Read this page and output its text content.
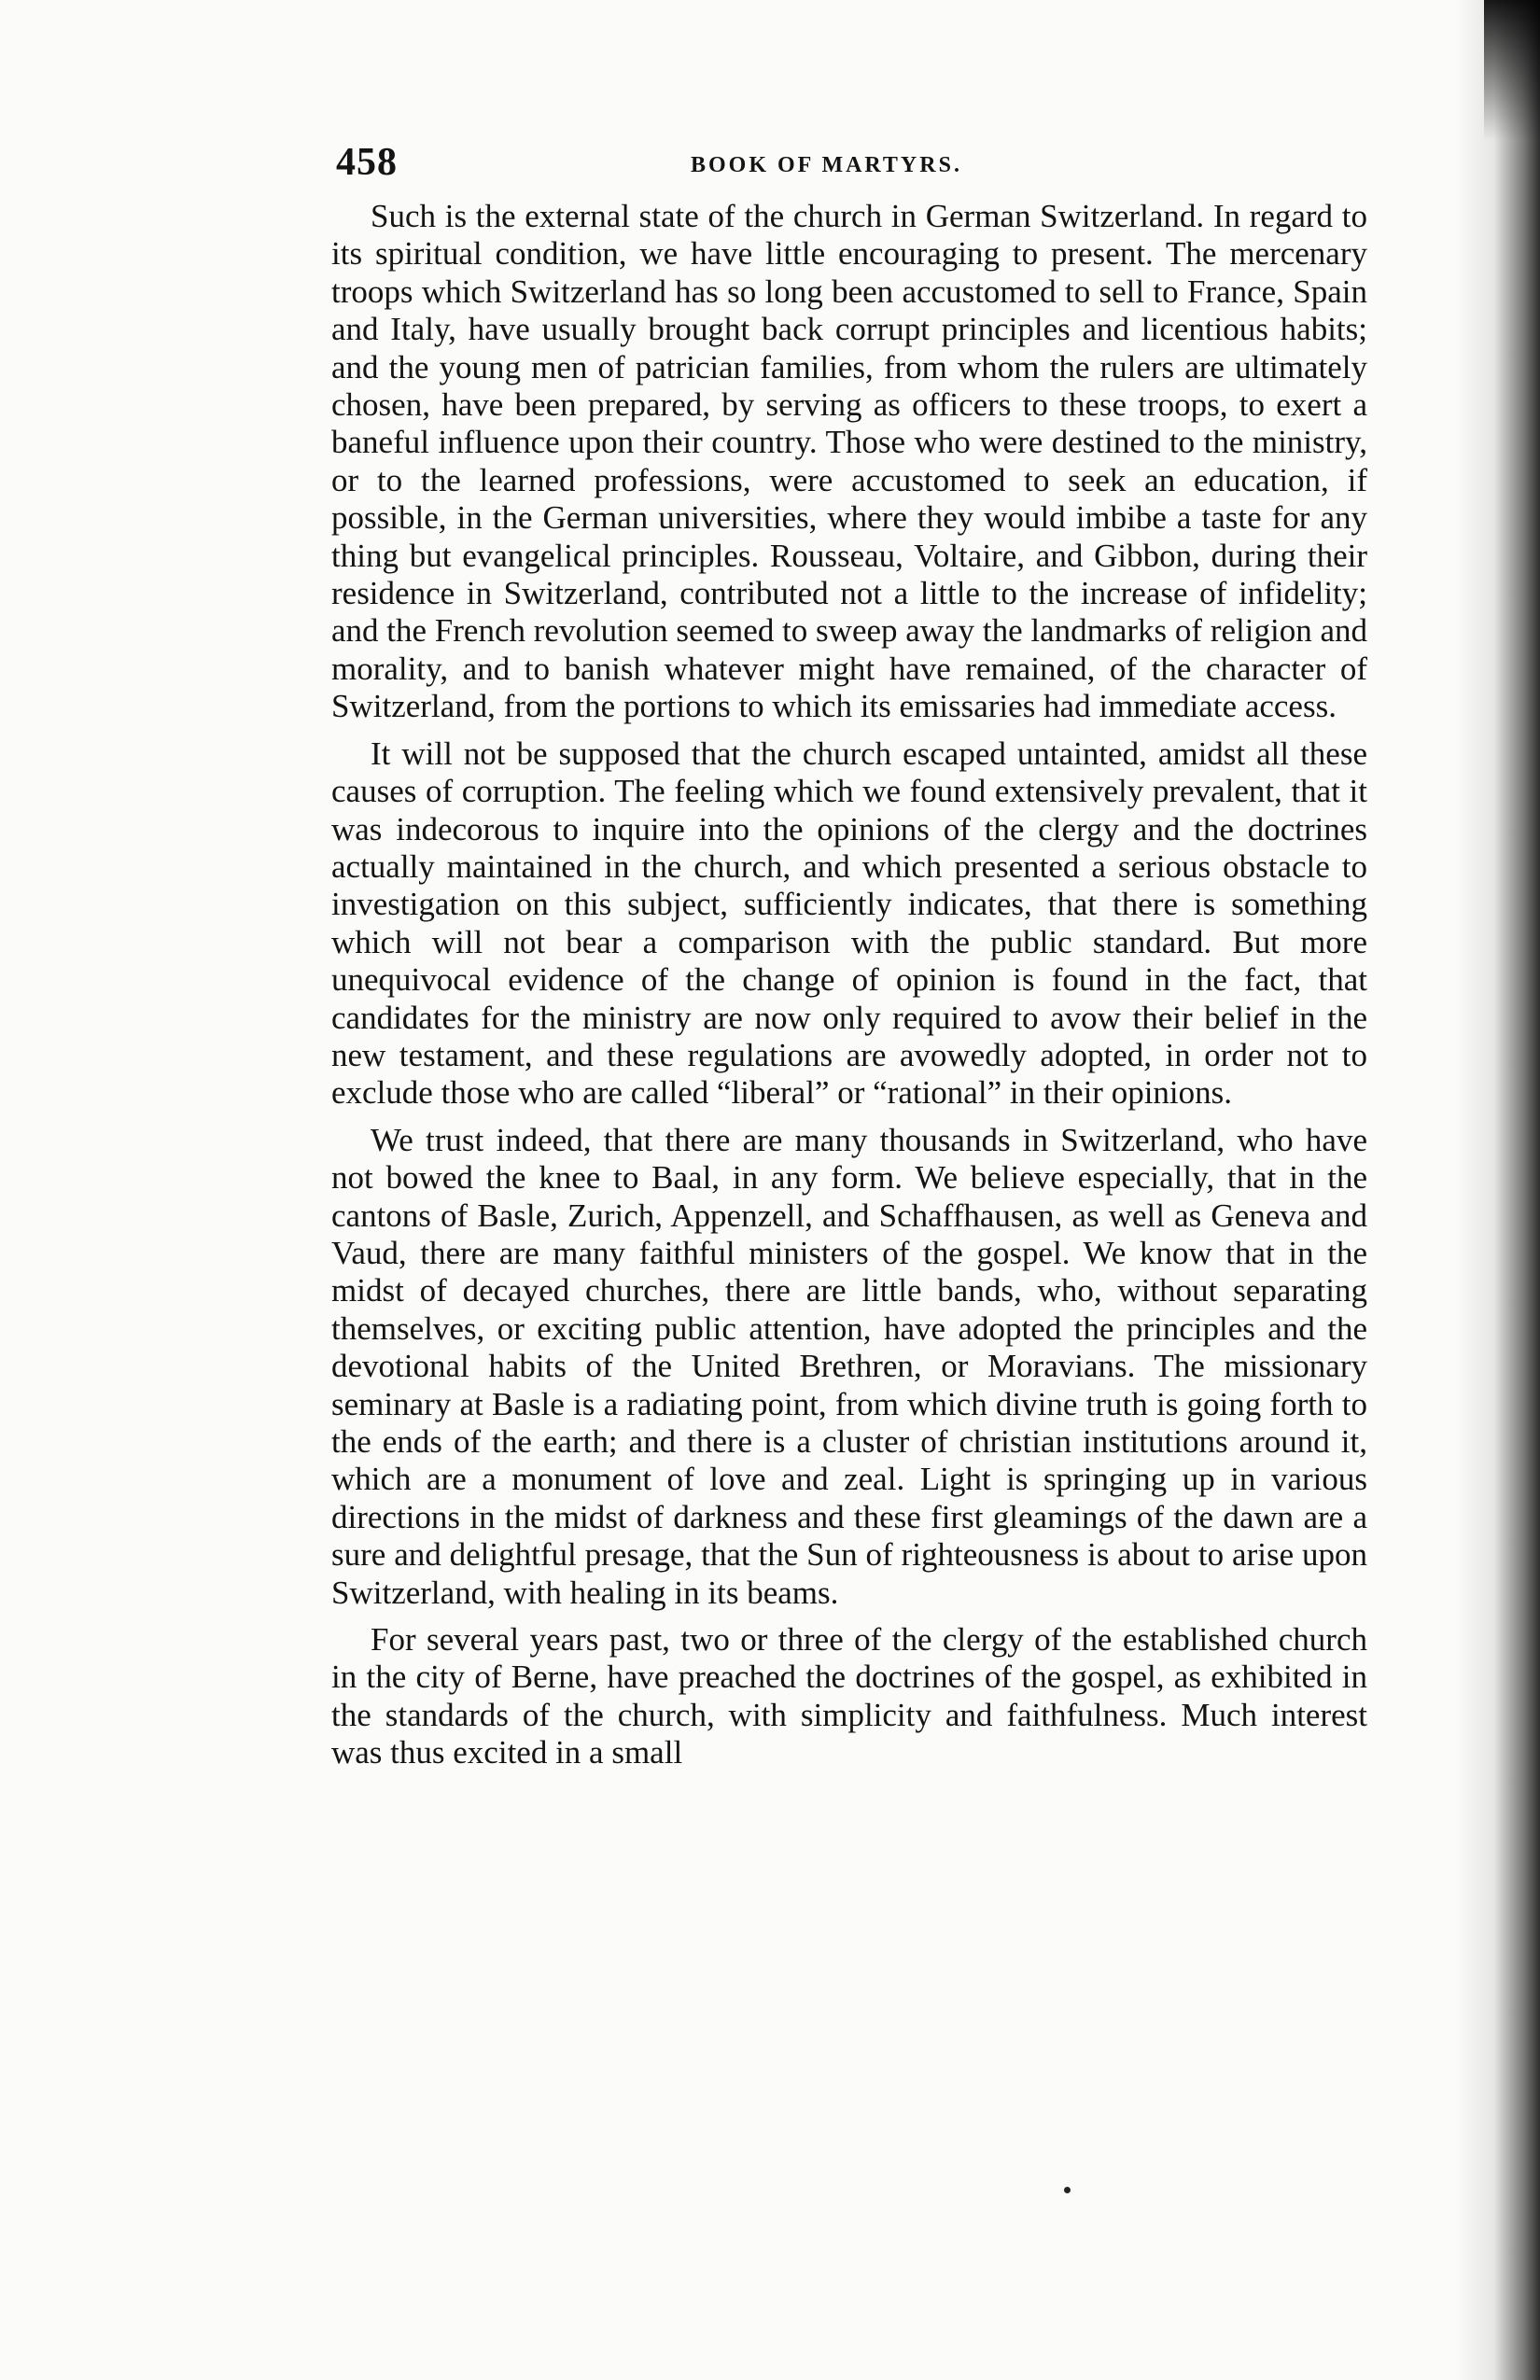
458	BOOK OF MARTYRS.

Such is the external state of the church in German Switzerland. In regard to its spiritual condition, we have little encouraging to present. The mercenary troops which Switzerland has so long been accustomed to sell to France, Spain and Italy, have usually brought back corrupt principles and licentious habits; and the young men of patrician families, from whom the rulers are ultimately chosen, have been prepared, by serving as officers to these troops, to exert a baneful influence upon their country. Those who were destined to the ministry, or to the learned professions, were accustomed to seek an education, if possible, in the German universities, where they would imbibe a taste for any thing but evangelical principles. Rousseau, Voltaire, and Gibbon, during their residence in Switzerland, contributed not a little to the increase of infidelity; and the French revolution seemed to sweep away the landmarks of religion and morality, and to banish whatever might have remained, of the character of Switzerland, from the portions to which its emissaries had immediate access.

It will not be supposed that the church escaped untainted, amidst all these causes of corruption. The feeling which we found extensively prevalent, that it was indecorous to inquire into the opinions of the clergy and the doctrines actually maintained in the church, and which presented a serious obstacle to investigation on this subject, sufficiently indicates, that there is something which will not bear a comparison with the public standard. But more unequivocal evidence of the change of opinion is found in the fact, that candidates for the ministry are now only required to avow their belief in the new testament, and these regulations are avowedly adopted, in order not to exclude those who are called “liberal” or “rational” in their opinions.

We trust indeed, that there are many thousands in Switzerland, who have not bowed the knee to Baal, in any form. We believe especially, that in the cantons of Basle, Zurich, Appenzell, and Schaffhausen, as well as Geneva and Vaud, there are many faithful ministers of the gospel. We know that in the midst of decayed churches, there are little bands, who, without separating themselves, or exciting public attention, have adopted the principles and the devotional habits of the United Brethren, or Moravians. The missionary seminary at Basle is a radiating point, from which divine truth is going forth to the ends of the earth; and there is a cluster of christian institutions around it, which are a monument of love and zeal. Light is springing up in various directions in the midst of darkness and these first gleamings of the dawn are a sure and delightful presage, that the Sun of righteousness is about to arise upon Switzerland, with healing in its beams.

For several years past, two or three of the clergy of the established church in the city of Berne, have preached the doctrines of the gospel, as exhibited in the standards of the church, with simplicity and faithfulness. Much interest was thus excited in a small
